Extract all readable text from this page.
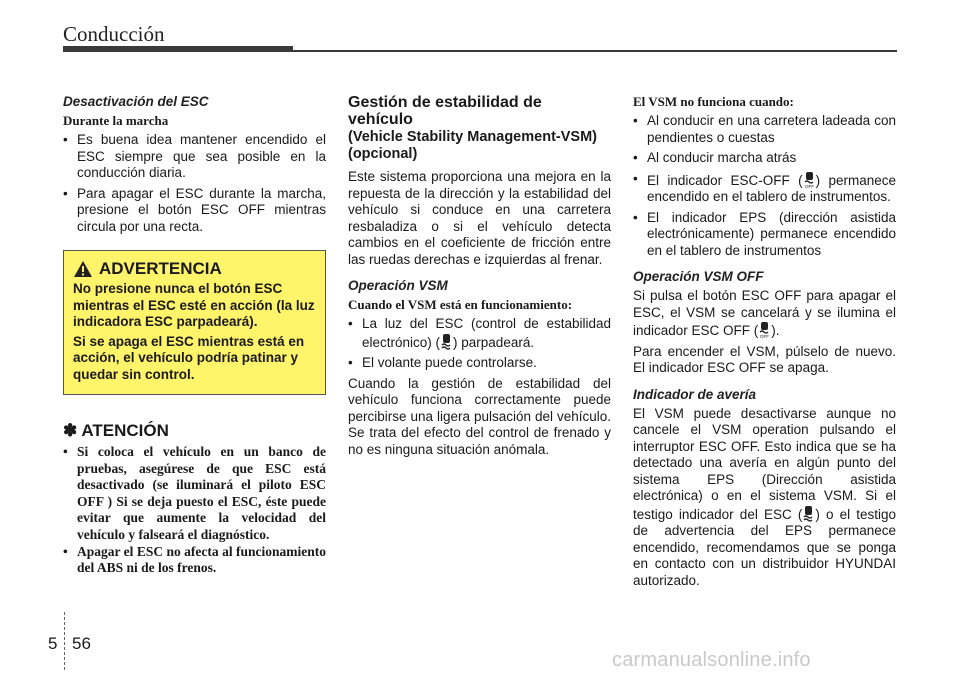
Conducción
Desactivación del ESC
Durante la marcha
• Es buena idea mantener encendido el ESC siempre que sea posible en la conducción diaria.
• Para apagar el ESC durante la marcha, presione el botón ESC OFF mientras circula por una recta.
ADVERTENCIA

No presione nunca el botón ESC mientras el ESC esté en acción (la luz indicadora ESC parpadeará).

Si se apaga el ESC mientras está en acción, el vehículo podría patinar y quedar sin control.

✽ ATENCIÓN
• Si coloca el vehículo en un banco de pruebas, asegúrese de que ESC está desactivado (se iluminará el piloto ESC OFF ) Si se deja puesto el ESC, éste puede evitar que aumente la velocidad del vehículo y falseará el diagnóstico.
• Apagar el ESC no afecta al funcionamiento del ABS ni de los frenos.
Gestión de estabilidad de vehículo
(Vehicle Stability Management-VSM) (opcional)

Este sistema proporciona una mejora en la repuesta de la dirección y la estabilidad del vehículo si conduce en una carretera resbaladiza o si el vehículo detecta cambios en el coeficiente de fricción entre las ruedas derechas e izquierdas al frenar.

Operación VSM
Cuando el VSM está en funcionamiento:
• La luz del ESC (control de estabilidad electrónico) ( ) parpadeará.
• El volante puede controlarse.

Cuando la gestión de estabilidad del vehículo funciona correctamente puede percibirse una ligera pulsación del vehículo. Se trata del efecto del control de frenado y no es ninguna situación anómala.

El VSM no funciona cuando:
• Al conducir en una carretera ladeada con pendientes o cuestas
• Al conducir marcha atrás
• El indicador ESC-OFF ( OFF ) permanece encendido en el tablero de instrumentos.
• El indicador EPS (dirección asistida electrónicamente) permanece encendido en el tablero de instrumentos
Operación VSM OFF

Si pulsa el botón ESC OFF para apagar el ESC, el VSM se cancelará y se ilumina el indicador ESC OFF ( OFF ).

Para encender el VSM, púlselo de nuevo. El indicador ESC OFF se apaga.

Indicador de avería

El VSM puede desactivarse aunque no cancele el VSM operation pulsando el interruptor ESC OFF. Esto indica que se ha detectado una avería en algún punto del sistema EPS (Dirección asistida electrónica) o en el sistema VSM. Si el testigo indicador del ESC ( ) o el testigo de advertencia del EPS permanece encendido, recomendamos que se ponga en contacto con un distribuidor HYUNDAI autorizado.

5 56
carmanualsonline.info
